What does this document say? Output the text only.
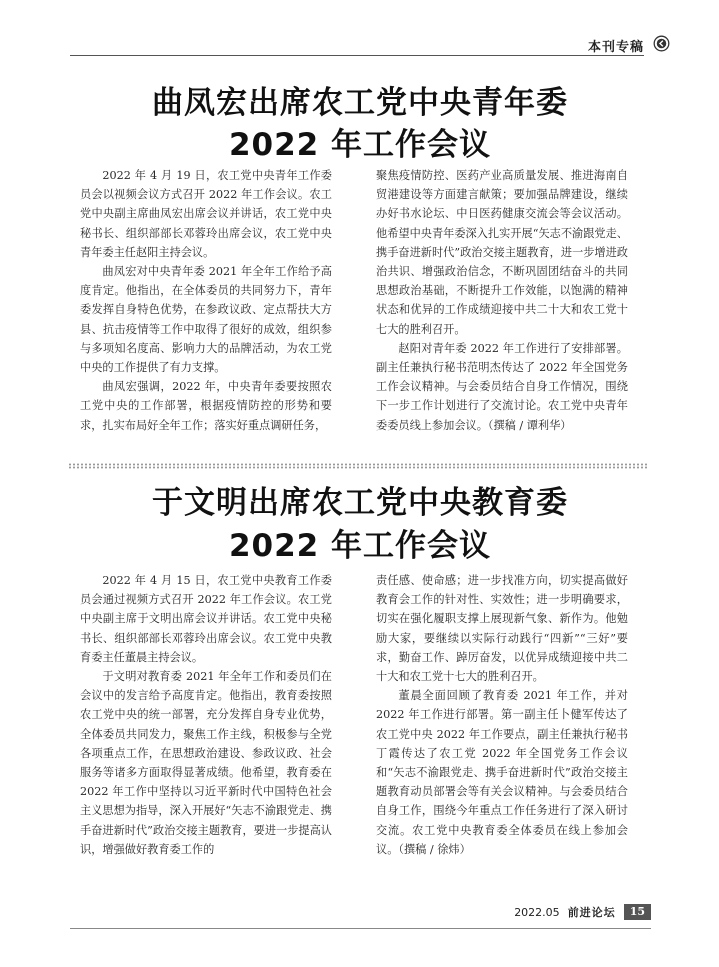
本刊专稿
曲凤宏出席农工党中央青年委
2022 年工作会议

2022 年 4 月 19 日，农工党中央青年工作委员会以视频会议方式召开 2022 年工作会议。农工党中央副主席曲凤宏出席会议并讲话，农工党中央秘书长、组织部部长邓蓉玲出席会议，农工党中央青年委主任赵阳主持会议。

曲凤宏对中央青年委 2021 年全年工作给予高度肯定。他指出，在全体委员的共同努力下，青年委发挥自身特色优势，在参政议政、定点帮扶大方县、抗击疫情等工作中取得了很好的成效，组织参与多项知名度高、影响力大的品牌活动，为农工党中央的工作提供了有力支撑。

曲凤宏强调，2022 年，中央青年委要按照农工党中央的工作部署，根据疫情防控的形势和要求，扎实布局好全年工作；落实好重点调研任务，

聚焦疫情防控、医药产业高质量发展、推进海南自贸港建设等方面建言献策；要加强品牌建设，继续办好书水论坛、中日医药健康交流会等会议活动。他希望中央青年委深入扎实开展“矢志不渝跟党走、携手奋进新时代”政治交接主题教育，进一步增进政治共识、增强政治信念，不断巩固团结奋斗的共同思想政治基础，不断提升工作效能，以饱满的精神状态和优异的工作成绩迎接中共二十大和农工党十七大的胜利召开。

赵阳对青年委 2022 年工作进行了安排部署。副主任兼执行秘书范明杰传达了 2022 年全国党务工作会议精神。与会委员结合自身工作情况，围绕下一步工作计划进行了交流讨论。农工党中央青年委委员线上参加会议。（撰稿 / 谭利华）

于文明出席农工党中央教育委
2022 年工作会议

2022 年 4 月 15 日，农工党中央教育工作委员会通过视频方式召开 2022 年工作会议。农工党中央副主席于文明出席会议并讲话。农工党中央秘书长、组织部部长邓蓉玲出席会议。农工党中央教育委主任董晨主持会议。

于文明对教育委 2021 年全年工作和委员们在会议中的发言给予高度肯定。他指出，教育委按照农工党中央的统一部署，充分发挥自身专业优势，全体委员共同发力，聚焦工作主线，积极参与全党各项重点工作，在思想政治建设、参政议政、社会服务等诸多方面取得显著成绩。他希望，教育委在 2022 年工作中坚持以习近平新时代中国特色社会主义思想为指导，深入开展好“矢志不渝跟党走、携手奋进新时代”政治交接主题教育，要进一步提高认识，增强做好教育委工作的

责任感、使命感；进一步找准方向，切实提高做好教育会工作的针对性、实效性；进一步明确要求，切实在强化履职支撑上展现新气象、新作为。他勉励大家，要继续以实际行动践行“四新”“三好”要求，勤奋工作、踔厉奋发，以优异成绩迎接中共二十大和农工党十七大的胜利召开。

董晨全面回顾了教育委 2021 年工作，并对 2022 年工作进行部署。第一副主任卜健军传达了农工党中央 2022 年工作要点，副主任兼执行秘书丁霞传达了农工党 2022 年全国党务工作会议和“矢志不渝跟党走、携手奋进新时代”政治交接主题教育动员部署会等有关会议精神。与会委员结合自身工作，围绕今年重点工作任务进行了深入研讨交流。农工党中央教育委全体委员在线上参加会议。（撰稿 / 徐炜）

2022.05 前进论坛	15
